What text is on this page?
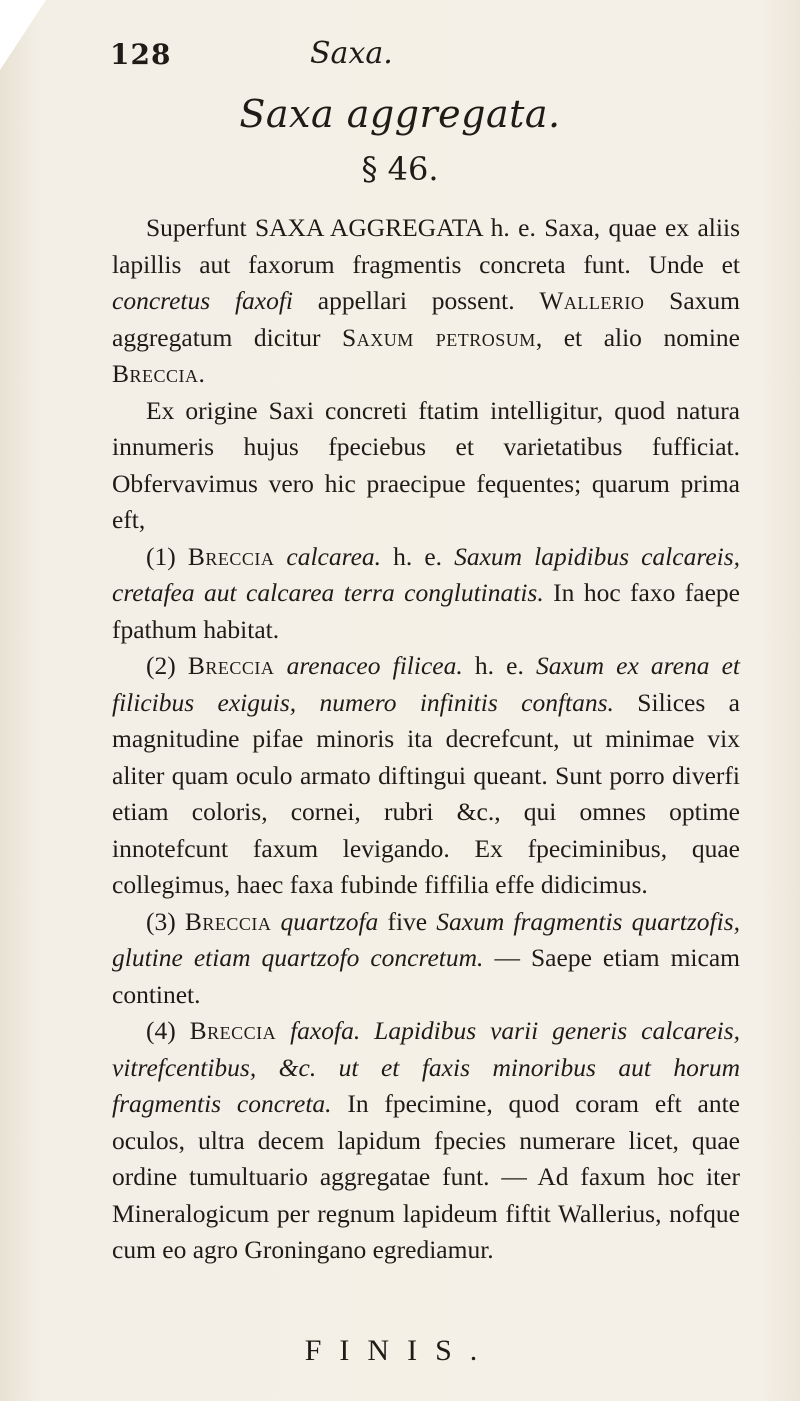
128	Saxa.
Saxa aggregata.
§ 46.

Superfunt SAXA AGGREGATA h. e. Saxa, quae ex aliis lapillis aut faxorum fragmentis concreta funt. Unde et concretus faxofi appellari possent. Wallerio Saxum aggregatum dicitur Saxum petrosum, et alio nomine Breccia.

Ex origine Saxi concreti ftatim intelligitur, quod natura innumeris hujus fpeciebus et varietatibus fufficiat. Obfervavimus vero hic praecipue fequentes; quarum prima eft,

(1) Breccia calcarea. h. e. Saxum lapidibus calcareis, cretafea aut calcarea terra conglutinatis. In hoc faxo faepe fpathum habitat.

(2) Breccia arenaceo filicea. h. e. Saxum ex arena et filicibus exiguis, numero infinitis conftans. Silices a magnitudine pifae minoris ita decrefcunt, ut minimae vix aliter quam oculo armato diftingui queant. Sunt porro diverfi etiam coloris, cornei, rubri &c., qui omnes optime innotefcunt faxum levigando. Ex fpeciminibus, quae collegimus, haec faxa fubinde fiffilia effe didicimus.

(3) Breccia quartzofa five Saxum fragmentis quartzofis, glutine etiam quartzofo concretum. — Saepe etiam micam continet.

(4) Breccia faxofa. Lapidibus varii generis calcareis, vitrefcentibus, &c. ut et faxis minoribus aut horum fragmentis concreta. In fpecimine, quod coram eft ante oculos, ultra decem lapidum fpecies numerare licet, quae ordine tumultuario aggregatae funt. — Ad faxum hoc iter Mineralogicum per regnum lapideum fiftit Wallerius, nofque cum eo agro Groningano egrediamur.

FINIS.
